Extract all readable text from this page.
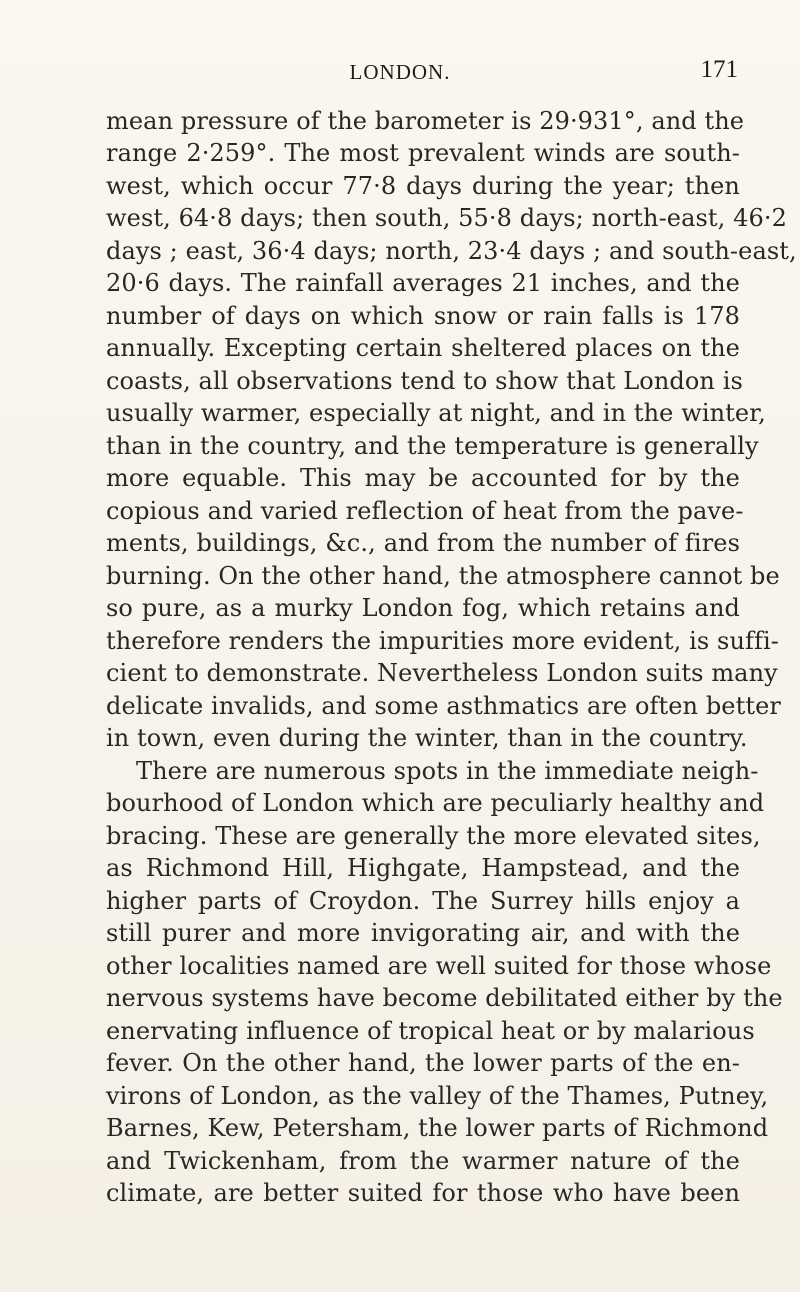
LONDON.	171
mean pressure of the barometer is 29·931°, and the
range 2·259°. The most prevalent winds are south-
west, which occur 77·8 days during the year; then
west, 64·8 days; then south, 55·8 days; north-east, 46·2
days ; east, 36·4 days; north, 23·4 days ; and south-east,
20·6 days. The rainfall averages 21 inches, and the
number of days on which snow or rain falls is 178
annually. Excepting certain sheltered places on the
coasts, all observations tend to show that London is
usually warmer, especially at night, and in the winter,
than in the country, and the temperature is generally
more equable. This may be accounted for by the
copious and varied reflection of heat from the pave-
ments, buildings, &c., and from the number of fires
burning. On the other hand, the atmosphere cannot be
so pure, as a murky London fog, which retains and
therefore renders the impurities more evident, is suffi-
cient to demonstrate. Nevertheless London suits many
delicate invalids, and some asthmatics are often better
in town, even during the winter, than in the country.
There are numerous spots in the immediate neigh-
bourhood of London which are peculiarly healthy and
bracing. These are generally the more elevated sites,
as Richmond Hill, Highgate, Hampstead, and the
higher parts of Croydon. The Surrey hills enjoy a
still purer and more invigorating air, and with the
other localities named are well suited for those whose
nervous systems have become debilitated either by the
enervating influence of tropical heat or by malarious
fever. On the other hand, the lower parts of the en-
virons of London, as the valley of the Thames, Putney,
Barnes, Kew, Petersham, the lower parts of Richmond
and Twickenham, from the warmer nature of the
climate, are better suited for those who have been
